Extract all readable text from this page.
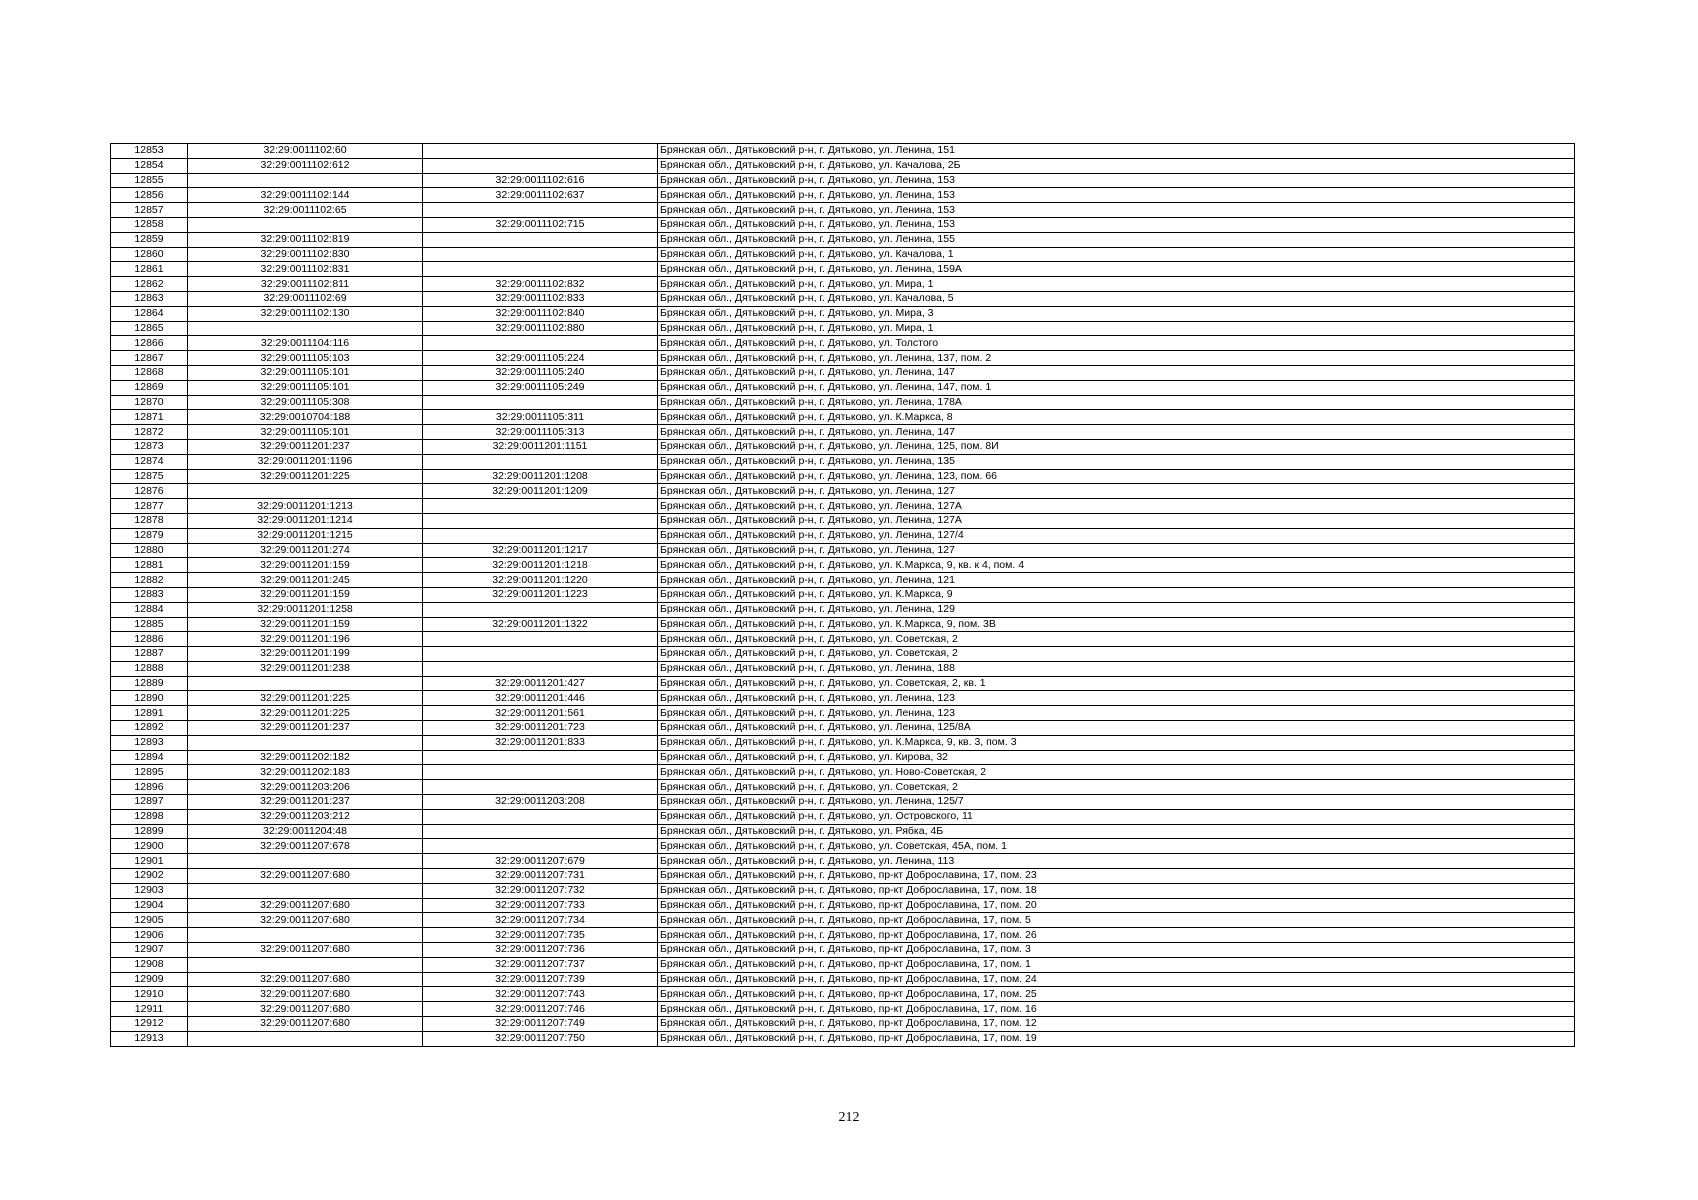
12853	32:29:0011102:60		Брянская обл., Дятьковский р-н, г. Дятьково, ул. Ленина, 151
12854	32:29:0011102:612		Брянская обл., Дятьковский р-н, г. Дятьково, ул. Качалова, 2Б
12855		32:29:0011102:616	Брянская обл., Дятьковский р-н, г. Дятьково, ул. Ленина, 153
12856	32:29:0011102:144	32:29:0011102:637	Брянская обл., Дятьковский р-н, г. Дятьково, ул. Ленина, 153
12857	32:29:0011102:65		Брянская обл., Дятьковский р-н, г. Дятьково, ул. Ленина, 153
12858		32:29:0011102:715	Брянская обл., Дятьковский р-н, г. Дятьково, ул. Ленина, 153
12859	32:29:0011102:819		Брянская обл., Дятьковский р-н, г. Дятьково, ул. Ленина, 155
12860	32:29:0011102:830		Брянская обл., Дятьковский р-н, г. Дятьково, ул. Качалова, 1
12861	32:29:0011102:831		Брянская обл., Дятьковский р-н, г. Дятьково, ул. Ленина, 159А
12862	32:29:0011102:811	32:29:0011102:832	Брянская обл., Дятьковский р-н, г. Дятьково, ул. Мира, 1
12863	32:29:0011102:69	32:29:0011102:833	Брянская обл., Дятьковский р-н, г. Дятьково, ул. Качалова, 5
12864	32:29:0011102:130	32:29:0011102:840	Брянская обл., Дятьковский р-н, г. Дятьково, ул. Мира, 3
12865		32:29:0011102:880	Брянская обл., Дятьковский р-н, г. Дятьково, ул. Мира, 1
12866	32:29:0011104:116		Брянская обл., Дятьковский р-н, г. Дятьково, ул. Толстого
12867	32:29:0011105:103	32:29:0011105:224	Брянская обл., Дятьковский р-н, г. Дятьково, ул. Ленина, 137, пом. 2
12868	32:29:0011105:101	32:29:0011105:240	Брянская обл., Дятьковский р-н, г. Дятьково, ул. Ленина, 147
12869	32:29:0011105:101	32:29:0011105:249	Брянская обл., Дятьковский р-н, г. Дятьково, ул. Ленина, 147, пом. 1
12870	32:29:0011105:308		Брянская обл., Дятьковский р-н, г. Дятьково, ул. Ленина, 178А
12871	32:29:0010704:188	32:29:0011105:311	Брянская обл., Дятьковский р-н, г. Дятьково, ул. К.Маркса, 8
12872	32:29:0011105:101	32:29:0011105:313	Брянская обл., Дятьковский р-н, г. Дятьково, ул. Ленина, 147
12873	32:29:0011201:237	32:29:0011201:1151	Брянская обл., Дятьковский р-н, г. Дятьково, ул. Ленина, 125, пом. 8И
12874	32:29:0011201:1196		Брянская обл., Дятьковский р-н, г. Дятьково, ул. Ленина, 135
12875	32:29:0011201:225	32:29:0011201:1208	Брянская обл., Дятьковский р-н, г. Дятьково, ул. Ленина, 123, пом. 66
12876		32:29:0011201:1209	Брянская обл., Дятьковский р-н, г. Дятьково, ул. Ленина, 127
12877	32:29:0011201:1213		Брянская обл., Дятьковский р-н, г. Дятьково, ул. Ленина, 127А
12878	32:29:0011201:1214		Брянская обл., Дятьковский р-н, г. Дятьково, ул. Ленина, 127А
12879	32:29:0011201:1215		Брянская обл., Дятьковский р-н, г. Дятьково, ул. Ленина, 127/4
12880	32:29:0011201:274	32:29:0011201:1217	Брянская обл., Дятьковский р-н, г. Дятьково, ул. Ленина, 127
12881	32:29:0011201:159	32:29:0011201:1218	Брянская обл., Дятьковский р-н, г. Дятьково, ул. К.Маркса, 9, кв. к 4, пом. 4
12882	32:29:0011201:245	32:29:0011201:1220	Брянская обл., Дятьковский р-н, г. Дятьково, ул. Ленина, 121
12883	32:29:0011201:159	32:29:0011201:1223	Брянская обл., Дятьковский р-н, г. Дятьково, ул. К.Маркса, 9
12884	32:29:0011201:1258		Брянская обл., Дятьковский р-н, г. Дятьково, ул. Ленина, 129
12885	32:29:0011201:159	32:29:0011201:1322	Брянская обл., Дятьковский р-н, г. Дятьково, ул. К.Маркса, 9, пом. 3В
12886	32:29:0011201:196		Брянская обл., Дятьковский р-н, г. Дятьково, ул. Советская, 2
12887	32:29:0011201:199		Брянская обл., Дятьковский р-н, г. Дятьково, ул. Советская, 2
12888	32:29:0011201:238		Брянская обл., Дятьковский р-н, г. Дятьково, ул. Ленина, 188
12889		32:29:0011201:427	Брянская обл., Дятьковский р-н, г. Дятьково, ул. Советская, 2, кв. 1
12890	32:29:0011201:225	32:29:0011201:446	Брянская обл., Дятьковский р-н, г. Дятьково, ул. Ленина, 123
12891	32:29:0011201:225	32:29:0011201:561	Брянская обл., Дятьковский р-н, г. Дятьково, ул. Ленина, 123
12892	32:29:0011201:237	32:29:0011201:723	Брянская обл., Дятьковский р-н, г. Дятьково, ул. Ленина, 125/8А
12893		32:29:0011201:833	Брянская обл., Дятьковский р-н, г. Дятьково, ул. К.Маркса, 9, кв. 3, пом. 3
12894	32:29:0011202:182		Брянская обл., Дятьковский р-н, г. Дятьково, ул. Кирова, 32
12895	32:29:0011202:183		Брянская обл., Дятьковский р-н, г. Дятьково, ул. Ново-Советская, 2
12896	32:29:0011203:206		Брянская обл., Дятьковский р-н, г. Дятьково, ул. Советская, 2
12897	32:29:0011201:237	32:29:0011203:208	Брянская обл., Дятьковский р-н, г. Дятьково, ул. Ленина, 125/7
12898	32:29:0011203:212		Брянская обл., Дятьковский р-н, г. Дятьково, ул. Островского, 11
12899	32:29:0011204:48		Брянская обл., Дятьковский р-н, г. Дятьково, ул. Рябка, 4Б
12900	32:29:0011207:678		Брянская обл., Дятьковский р-н, г. Дятьково, ул. Советская, 45А, пом. 1
12901		32:29:0011207:679	Брянская обл., Дятьковский р-н, г. Дятьково, ул. Ленина, 113
12902	32:29:0011207:680	32:29:0011207:731	Брянская обл., Дятьковский р-н, г. Дятьково, пр-кт Доброславина, 17, пом. 23
12903		32:29:0011207:732	Брянская обл., Дятьковский р-н, г. Дятьково, пр-кт Доброславина, 17, пом. 18
12904	32:29:0011207:680	32:29:0011207:733	Брянская обл., Дятьковский р-н, г. Дятьково, пр-кт Доброславина, 17, пом. 20
12905	32:29:0011207:680	32:29:0011207:734	Брянская обл., Дятьковский р-н, г. Дятьково, пр-кт Доброславина, 17, пом. 5
12906		32:29:0011207:735	Брянская обл., Дятьковский р-н, г. Дятьково, пр-кт Доброславина, 17, пом. 26
12907	32:29:0011207:680	32:29:0011207:736	Брянская обл., Дятьковский р-н, г. Дятьково, пр-кт Доброславина, 17, пом. 3
12908		32:29:0011207:737	Брянская обл., Дятьковский р-н, г. Дятьково, пр-кт Доброславина, 17, пом. 1
12909	32:29:0011207:680	32:29:0011207:739	Брянская обл., Дятьковский р-н, г. Дятьково, пр-кт Доброславина, 17, пом. 24
12910	32:29:0011207:680	32:29:0011207:743	Брянская обл., Дятьковский р-н, г. Дятьково, пр-кт Доброславина, 17, пом. 25
12911	32:29:0011207:680	32:29:0011207:746	Брянская обл., Дятьковский р-н, г. Дятьково, пр-кт Доброславина, 17, пом. 16
12912	32:29:0011207:680	32:29:0011207:749	Брянская обл., Дятьковский р-н, г. Дятьково, пр-кт Доброславина, 17, пом. 12
12913		32:29:0011207:750	Брянская обл., Дятьковский р-н, г. Дятьково, пр-кт Доброславина, 17, пом. 19
212
